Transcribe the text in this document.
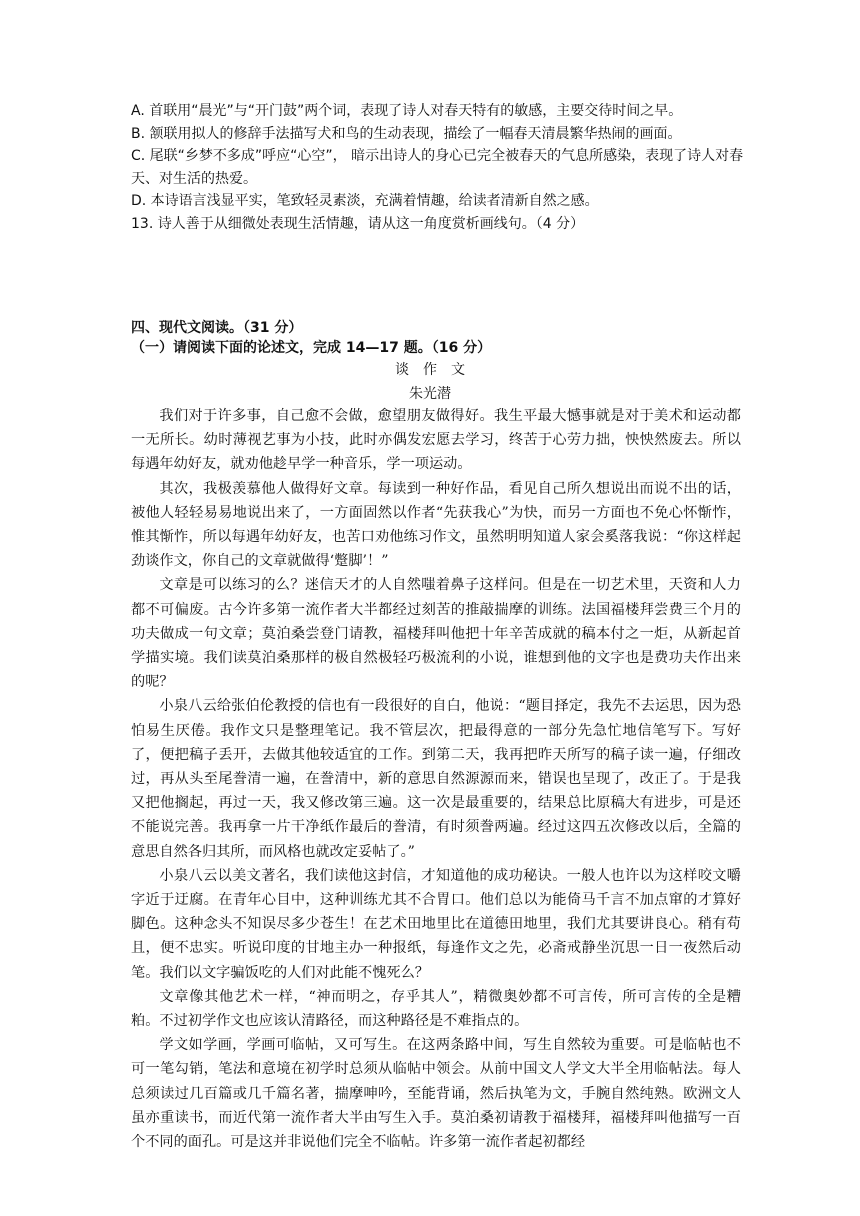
A. 首联用“晨光”与“开门鼓”两个词，表现了诗人对春天特有的敏感，主要交待时间之早。

B. 颔联用拟人的修辞手法描写犬和鸟的生动表现，描绘了一幅春天清晨繁华热闹的画面。

C. 尾联“乡梦不多成”呼应“心空”， 暗示出诗人的身心已完全被春天的气息所感染，表现了诗人对春天、对生活的热爱。

D. 本诗语言浅显平实，笔致轻灵素淡，充满着情趣，给读者清新自然之感。

13. 诗人善于从细微处表现生活情趣，请从这一角度赏析画线句。（4 分）

四、现代文阅读。（31 分）

（一）请阅读下面的论述文，完成 14—17 题。（16 分）

谈　作　文

朱光潜

我们对于许多事，自己愈不会做，愈望朋友做得好。我生平最大憾事就是对于美术和运动都一无所长。幼时薄视艺事为小技，此时亦偶发宏愿去学习，终苦于心劳力拙，怏怏然废去。所以每遇年幼好友，就劝他趁早学一种音乐，学一项运动。

其次，我极羡慕他人做得好文章。每读到一种好作品，看见自己所久想说出而说不出的话，被他人轻轻易易地说出来了，一方面固然以作者“先获我心”为快，而另一方面也不免心怀惭怍，惟其惭怍，所以每遇年幼好友，也苦口劝他练习作文，虽然明明知道人家会奚落我说：“你这样起劲谈作文，你自己的文章就做得‘蹩脚’！”

文章是可以练习的么？迷信天才的人自然嗤着鼻子这样问。但是在一切艺术里，天资和人力都不可偏废。古今许多第一流作者大半都经过刻苦的推敲揣摩的训练。法国福楼拜尝费三个月的功夫做成一句文章；莫泊桑尝登门请教，福楼拜叫他把十年辛苦成就的稿本付之一炬，从新起首学描实境。我们读莫泊桑那样的极自然极轻巧极流利的小说，谁想到他的文字也是费功夫作出来的呢？

小泉八云给张伯伦教授的信也有一段很好的自白，他说：“题目择定，我先不去运思，因为恐怕易生厌倦。我作文只是整理笔记。我不管层次，把最得意的一部分先急忙地信笔写下。写好了，便把稿子丢开，去做其他较适宜的工作。到第二天，我再把昨天所写的稿子读一遍，仔细改过，再从头至尾誊清一遍，在誊清中，新的意思自然源源而来，错误也呈现了，改正了。于是我又把他搁起，再过一天，我又修改第三遍。这一次是最重要的，结果总比原稿大有进步，可是还不能说完善。我再拿一片干净纸作最后的誊清，有时须誊两遍。经过这四五次修改以后，全篇的意思自然各归其所，而风格也就改定妥帖了。”

小泉八云以美文著名，我们读他这封信，才知道他的成功秘诀。一般人也许以为这样咬文嚼字近于迂腐。在青年心目中，这种训练尤其不合胃口。他们总以为能倚马千言不加点窜的才算好脚色。这种念头不知误尽多少苍生！在艺术田地里比在道德田地里，我们尤其要讲良心。稍有苟且，便不忠实。听说印度的甘地主办一种报纸，每逢作文之先，必斋戒静坐沉思一日一夜然后动笔。我们以文字骗饭吃的人们对此能不愧死么？

文章像其他艺术一样，“神而明之，存乎其人”，精微奥妙都不可言传，所可言传的全是糟粕。不过初学作文也应该认清路径，而这种路径是不难指点的。

学文如学画，学画可临帖，又可写生。在这两条路中间，写生自然较为重要。可是临帖也不可一笔勾销，笔法和意境在初学时总须从临帖中领会。从前中国文人学文大半全用临帖法。每人总须读过几百篇或几千篇名著，揣摩呻吟，至能背诵，然后执笔为文，手腕自然纯熟。欧洲文人虽亦重读书，而近代第一流作者大半由写生入手。莫泊桑初请教于福楼拜，福楼拜叫他描写一百个不同的面孔。可是这并非说他们完全不临帖。许多第一流作者起初都经
